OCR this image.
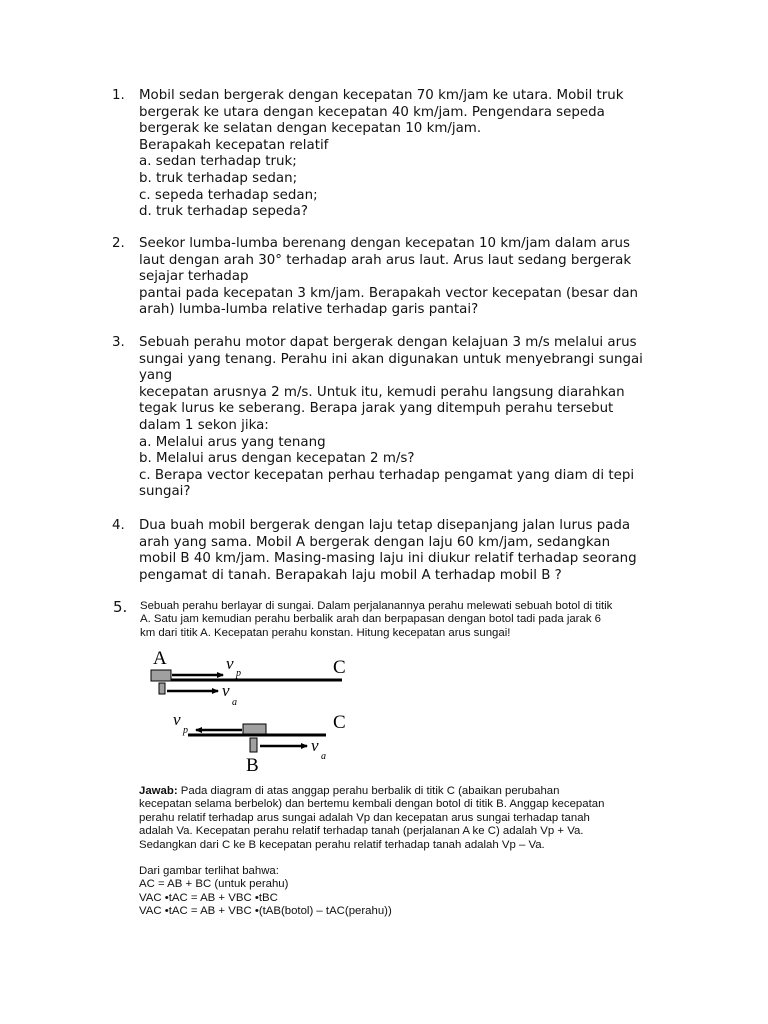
1. Mobil sedan bergerak dengan kecepatan 70 km/jam ke utara. Mobil truk
bergerak ke utara dengan kecepatan 40 km/jam. Pengendara sepeda
bergerak ke selatan dengan kecepatan 10 km/jam.
Berapakah kecepatan relatif
a. sedan terhadap truk;
b. truk terhadap sedan;
c. sepeda terhadap sedan;
d. truk terhadap sepeda?
2. Seekor lumba-lumba berenang dengan kecepatan 10 km/jam dalam arus
laut dengan arah 30° terhadap arah arus laut. Arus laut sedang bergerak
sejajar terhadap
pantai pada kecepatan 3 km/jam. Berapakah vector kecepatan (besar dan
arah) lumba-lumba relative terhadap garis pantai?
3. Sebuah perahu motor dapat bergerak dengan kelajuan 3 m/s melalui arus
sungai yang tenang. Perahu ini akan digunakan untuk menyebrangi sungai
yang
kecepatan arusnya 2 m/s. Untuk itu, kemudi perahu langsung diarahkan
tegak lurus ke seberang. Berapa jarak yang ditempuh perahu tersebut
dalam 1 sekon jika:
a. Melalui arus yang tenang
b. Melalui arus dengan kecepatan 2 m/s?
c. Berapa vector kecepatan perhau terhadap pengamat yang diam di tepi
sungai?
4. Dua buah mobil bergerak dengan laju tetap disepanjang jalan lurus pada
arah yang sama. Mobil A bergerak dengan laju 60 km/jam, sedangkan
mobil B 40 km/jam. Masing-masing laju ini diukur relatif terhadap seorang
pengamat di tanah. Berapakah laju mobil A terhadap mobil B ?
5. Sebuah perahu berlayar di sungai. Dalam perjalanannya perahu melewati sebuah botol di titik
A. Satu jam kemudian perahu berbalik arah dan berpapasan dengan botol tadi pada jarak 6
km dari titik A. Kecepatan perahu konstan. Hitung kecepatan arus sungai!
A	C
v
p
v
a
v
p	C
v
a
B
Jawab: Pada diagram di atas anggap perahu berbalik di titik C (abaikan perubahan
kecepatan selama berbelok) dan bertemu kembali dengan botol di titik B. Anggap kecepatan
perahu relatif terhadap arus sungai adalah Vp dan kecepatan arus sungai terhadap tanah
adalah Va. Kecepatan perahu relatif terhadap tanah (perjalanan A ke C) adalah Vp + Va.
Sedangkan dari C ke B kecepatan perahu relatif terhadap tanah adalah Vp – Va.
Dari gambar terlihat bahwa:
AC = AB + BC (untuk perahu)
VAC •tAC = AB + VBC •tBC
VAC •tAC = AB + VBC •(tAB(botol) – tAC(perahu))
